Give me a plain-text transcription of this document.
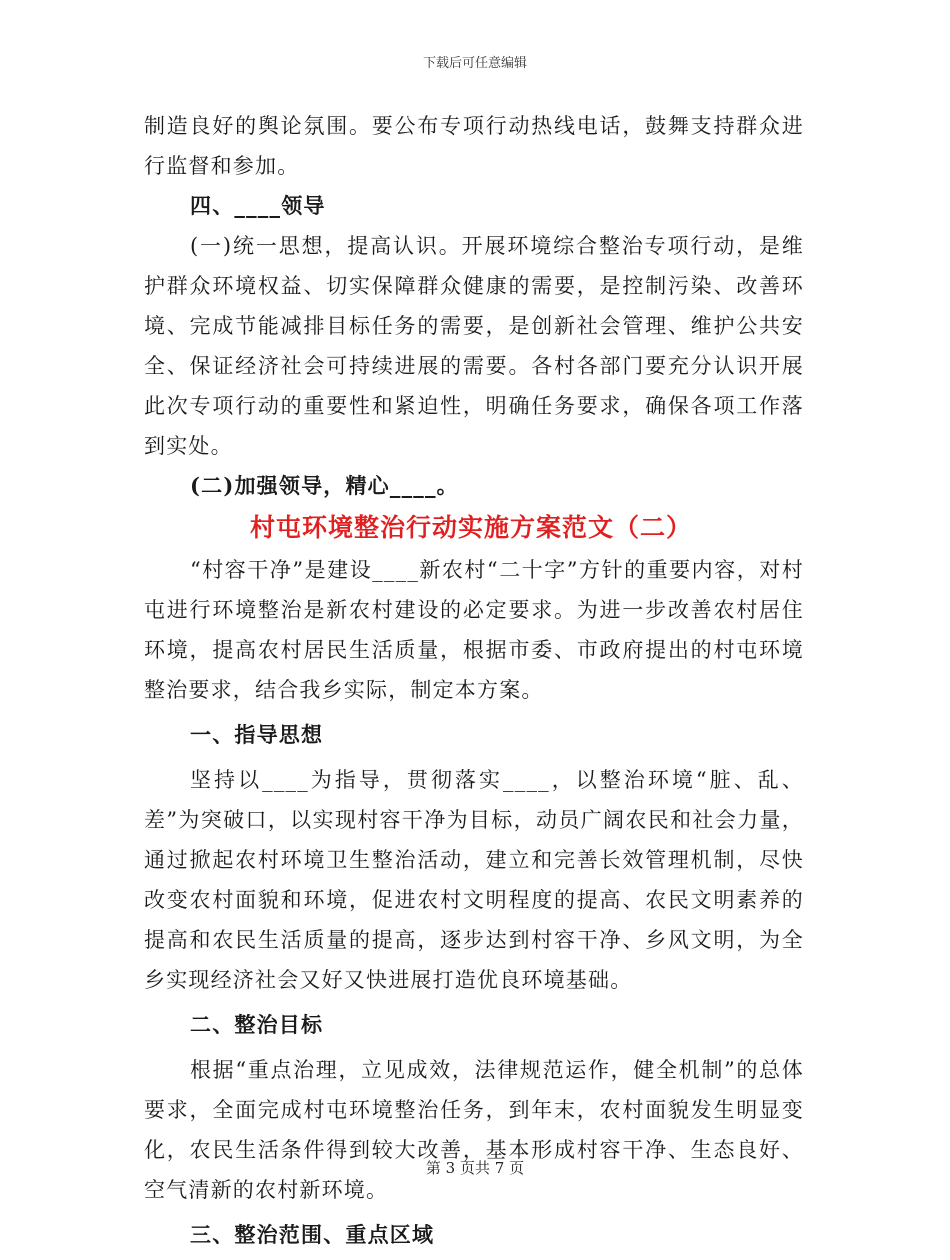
下载后可任意编辑

制造良好的舆论氛围。要公布专项行动热线电话，鼓舞支持群众进行监督和参加。

四、____领导

(一)统一思想，提高认识。开展环境综合整治专项行动，是维护群众环境权益、切实保障群众健康的需要，是控制污染、改善环境、完成节能减排目标任务的需要，是创新社会管理、维护公共安全、保证经济社会可持续进展的需要。各村各部门要充分认识开展此次专项行动的重要性和紧迫性，明确任务要求，确保各项工作落到实处。

(二)加强领导，精心____。

村屯环境整治行动实施方案范文（二）

“村容干净”是建设____新农村“二十字”方针的重要内容，对村屯进行环境整治是新农村建设的必定要求。为进一步改善农村居住环境，提高农村居民生活质量，根据市委、市政府提出的村屯环境整治要求，结合我乡实际，制定本方案。

一、指导思想

坚持以____为指导，贯彻落实____，以整治环境“脏、乱、差”为突破口，以实现村容干净为目标，动员广阔农民和社会力量，通过掀起农村环境卫生整治活动，建立和完善长效管理机制，尽快改变农村面貌和环境，促进农村文明程度的提高、农民文明素养的提高和农民生活质量的提高，逐步达到村容干净、乡风文明，为全乡实现经济社会又好又快进展打造优良环境基础。

二、整治目标

根据“重点治理，立见成效，法律规范运作，健全机制”的总体要求，全面完成村屯环境整治任务，到年末，农村面貌发生明显变化，农民生活条件得到较大改善，基本形成村容干净、生态良好、空气清新的农村新环境。

三、整治范围、重点区域

第 3 页共 7 页
